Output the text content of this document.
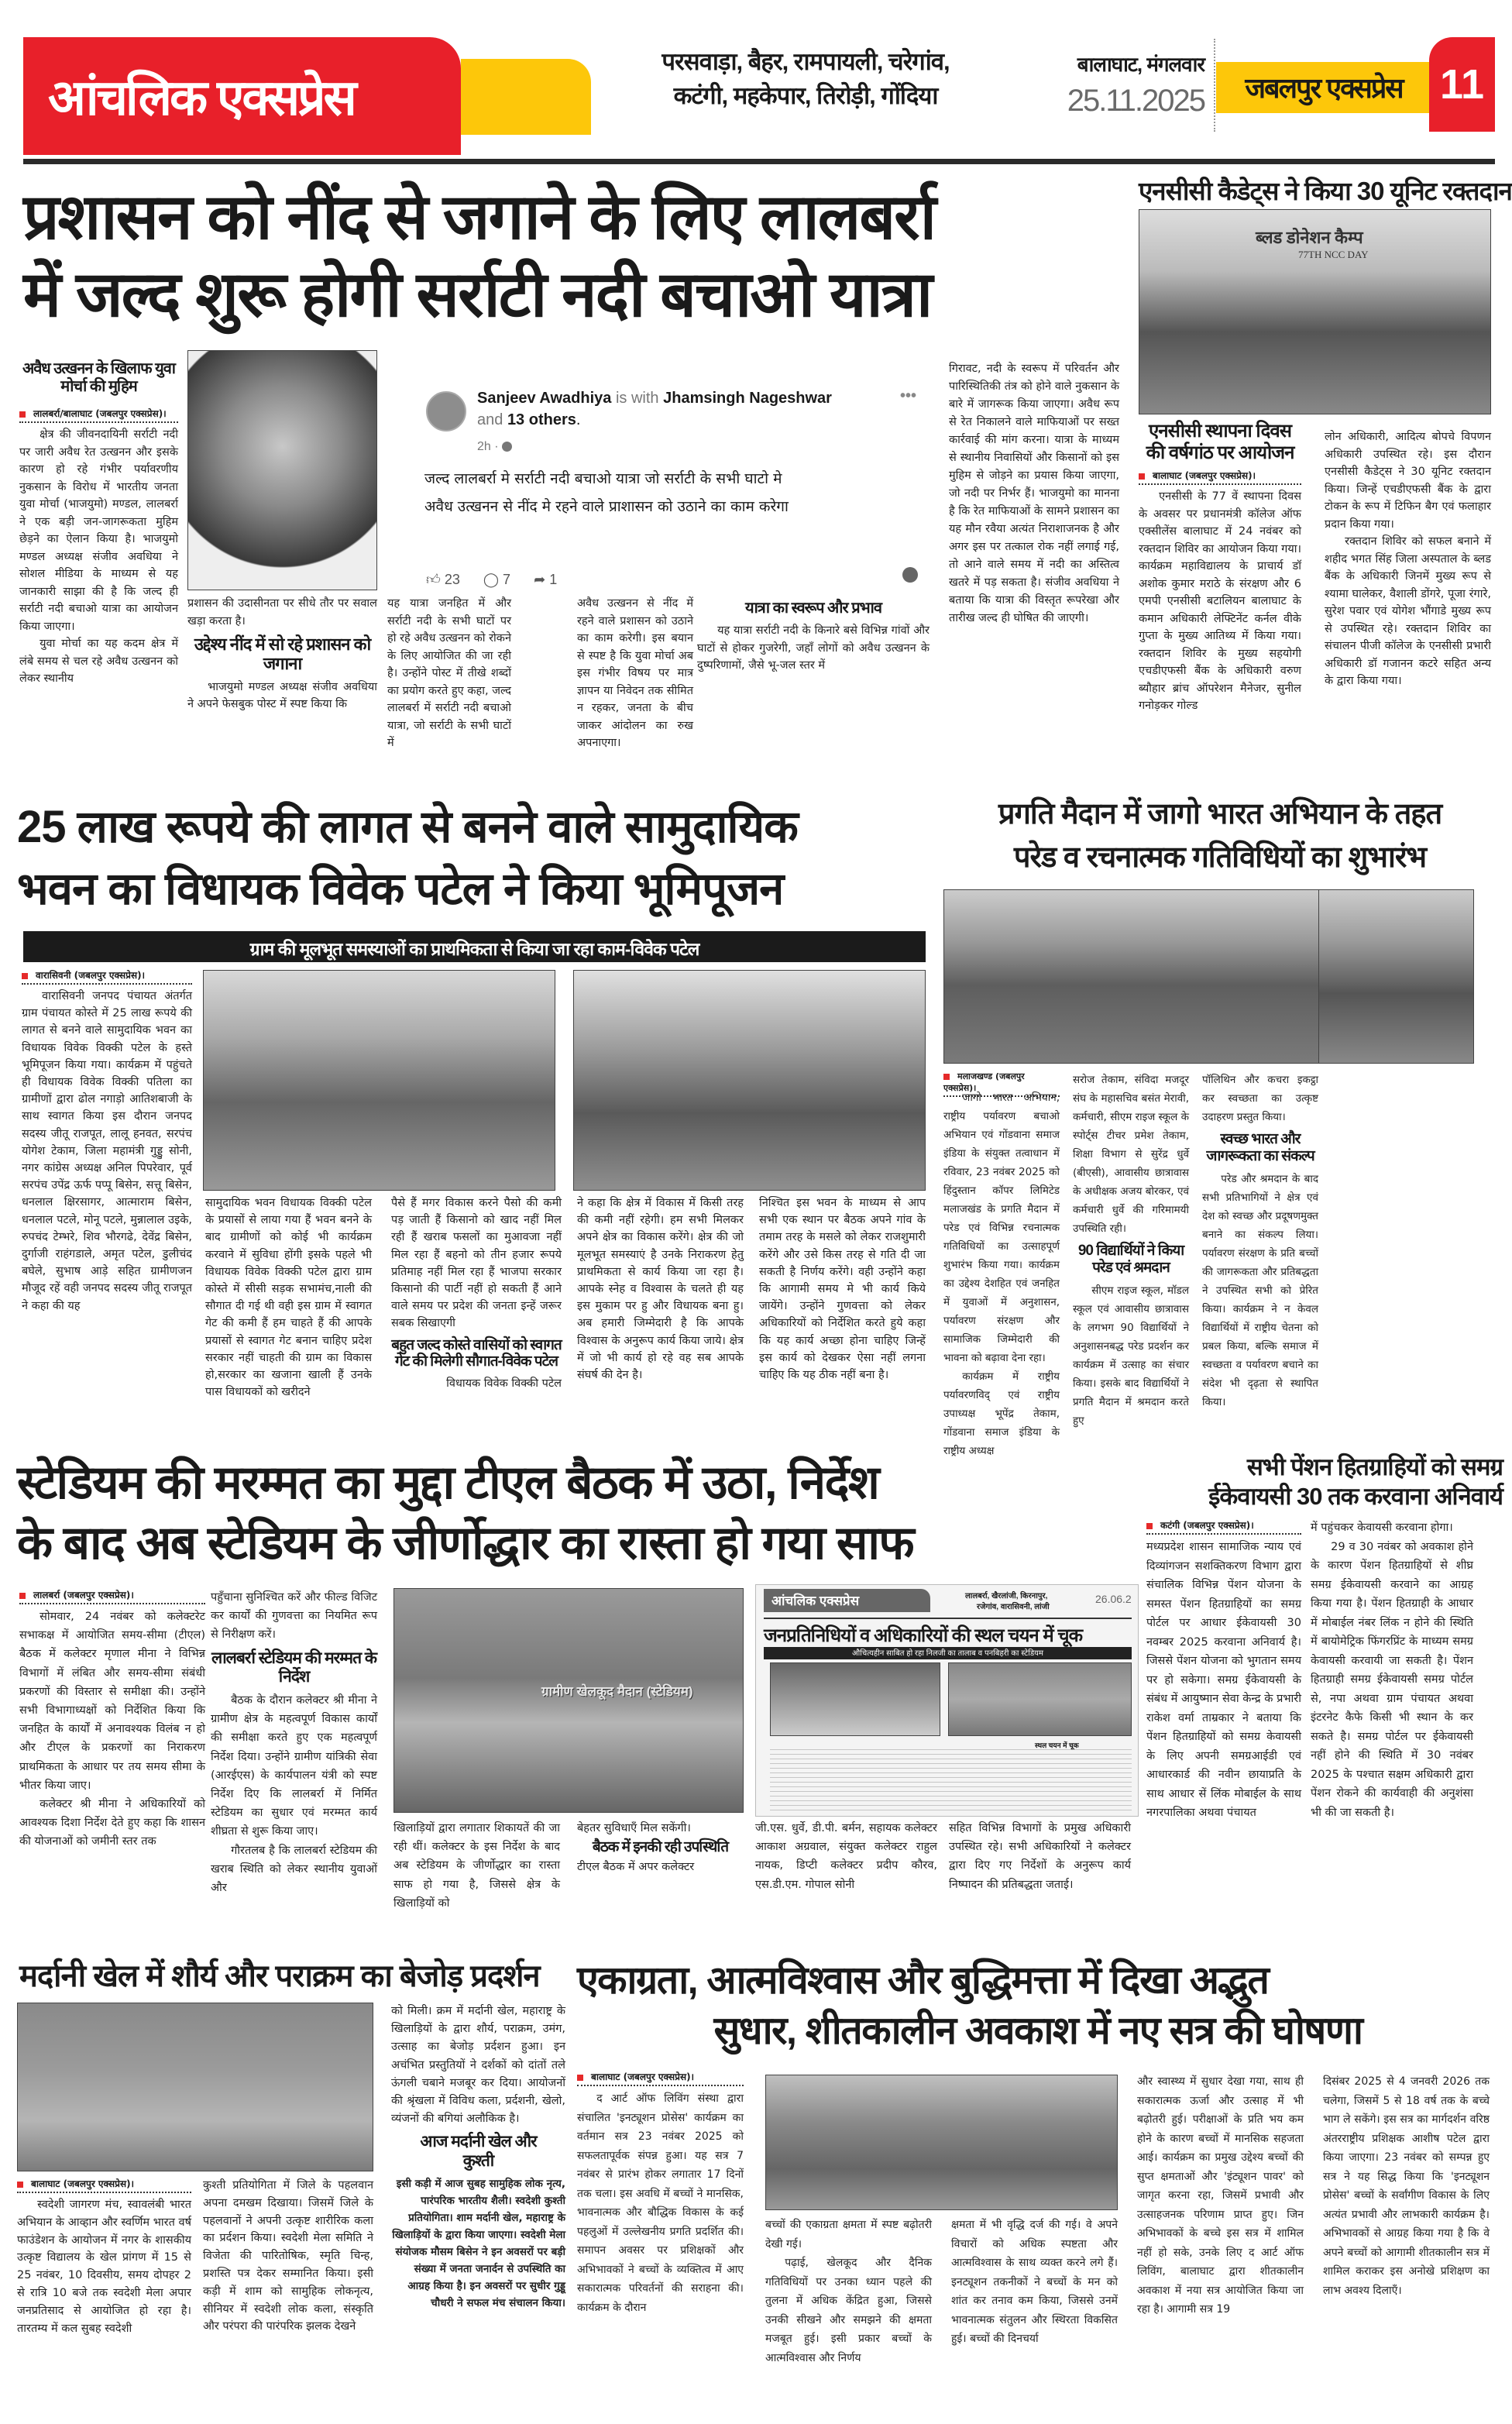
आंचलिक एक्सप्रेस
परसवाड़ा, बैहर, रामपायली, चरेगांव,
कटंगी, महकेपार, तिरोड़ी, गोंदिया
बालाघाट, मंगलवार
25.11.2025	जबलपुर एक्सप्रेस 11
प्रशासन को नींद से जगाने के लिए लालबर्रा
में जल्द शुरू होगी सर्राटी नदी बचाओ यात्रा
अवैध उत्खनन के खिलाफ युवा मोर्चा की मुहिम
लालबर्रा/बालाघाट (जबलपुर एक्सप्रेस)।

क्षेत्र की जीवनदायिनी सर्राटी नदी पर जारी अवैध रेत उत्खनन और इसके कारण हो रहे गंभीर पर्यावरणीय नुकसान के विरोध में भारतीय जनता युवा मोर्चा (भाजयुमो) मण्डल, लालबर्रा ने एक बड़ी जन-जागरूकता मुहिम छेड़ने का ऐलान किया है। भाजयुमो मण्डल अध्यक्ष संजीव अवधिया ने सोशल मीडिया के माध्यम से यह जानकारी साझा की है कि जल्द ही सर्राटी नदी बचाओ यात्रा का आयोजन किया जाएगा।

युवा मोर्चा का यह कदम क्षेत्र में लंबे समय से चल रहे अवैध उत्खनन को लेकर स्थानीय

प्रशासन की उदासीनता पर सीधे तौर पर सवाल खड़ा करता है।

उद्देश्य नींद में सो रहे प्रशासन को जगाना

भाजयुमो मण्डल अध्यक्ष संजीव अवधिया ने अपने फेसबुक पोस्ट में स्पष्ट किया कि

Sanjeev Awadhiya is with Jhamsingh Nageshwar and 13 others.
2h ·
•••
जल्द लालबर्रा मे सर्राटी नदी बचाओ यात्रा जो सर्राटी के सभी घाटो मे अवैध उत्खनन से नींद मे रहने वाले प्राशासन को उठाने का काम करेगा
👍︎ 23 ◯ 7 ➦ 1

यह यात्रा जनहित में और सर्राटी नदी के सभी घाटों पर हो रहे अवैध उत्खनन को रोकने के लिए आयोजित की जा रही है। उन्होंने पोस्ट में तीखे शब्दों का प्रयोग करते हुए कहा, जल्द लालबर्रा में सर्राटी नदी बचाओ यात्रा, जो सर्राटी के सभी घाटों में

अवैध उत्खनन से नींद में रहने वाले प्रशासन को उठाने का काम करेगी। इस बयान से स्पष्ट है कि युवा मोर्चा अब इस गंभीर विषय पर मात्र ज्ञापन या निवेदन तक सीमित न रहकर, जनता के बीच जाकर आंदोलन का रुख अपनाएगा।

यात्रा का स्वरूप और प्रभाव

यह यात्रा सर्राटी नदी के किनारे बसे विभिन्न गांवों और घाटों से होकर गुजरेगी, जहाँ लोगों को अवैध उत्खनन के दुष्परिणामों, जैसे भू-जल स्तर में

गिरावट, नदी के स्वरूप में परिवर्तन और पारिस्थितिकी तंत्र को होने वाले नुकसान के बारे में जागरूक किया जाएगा। अवैध रूप से रेत निकालने वाले माफियाओं पर सख्त कार्रवाई की मांग करना। यात्रा के माध्यम से स्थानीय निवासियों और किसानों को इस मुहिम से जोड़ने का प्रयास किया जाएगा, जो नदी पर निर्भर हैं। भाजयुमो का मानना है कि रेत माफियाओं के सामने प्रशासन का यह मौन रवैया अत्यंत निराशाजनक है और अगर इस पर तत्काल रोक नहीं लगाई गई, तो आने वाले समय में नदी का अस्तित्व खतरे में पड़ सकता है। संजीव अवधिया ने बताया कि यात्रा की विस्तृत रूपरेखा और तारीख जल्द ही घोषित की जाएगी।

एनसीसी कैडेट्स ने किया 30 यूनिट रक्तदान
ब्लड डोनेशन कैम्प
77TH NCC DAY
एनसीसी स्थापना दिवस की वर्षगांठ पर आयोजन
बालाघाट (जबलपुर एक्सप्रेस)।

एनसीसी के 77 वें स्थापना दिवस के अवसर पर प्रधानमंत्री कॉलेज ऑफ एक्सीलेंस बालाघाट में 24 नवंबर को रक्तदान शिविर का आयोजन किया गया। कार्यक्रम महाविद्यालय के प्राचार्य डॉ अशोक कुमार मराठे के संरक्षण और 6 एमपी एनसीसी बटालियन बालाघाट के कमान अधिकारी लेफ्टिनेंट कर्नल वीके गुप्ता के मुख्य आतिथ्य में किया गया। रक्तदान शिविर के मुख्य सहयोगी एचडीएफसी बैंक के अधिकारी वरुण ब्यौहार ब्रांच ऑपरेशन मैनेजर, सुनील गनोड़कर गोल्ड

लोन अधिकारी, आदित्य बोपचे विपणन अधिकारी उपस्थित रहे। इस दौरान एनसीसी कैडेट्स ने 30 यूनिट रक्तदान किया। जिन्हें एचडीएफसी बैंक के द्वारा टोकन के रूप में टिफिन बैग एवं फलाहार प्रदान किया गया।

रक्तदान शिविर को सफल बनाने में शहीद भगत सिंह जिला अस्पताल के ब्लड बैंक के अधिकारी जिनमें मुख्य रूप से श्यामा घालेकर, वैशाली डोंगरे, पूजा रंगारे, सुरेश पवार एवं योगेश भौंगाडे मुख्य रूप से उपस्थित रहे। रक्तदान शिविर का संचालन पीजी कॉलेज के एनसीसी प्रभारी अधिकारी डॉ गजानन कटरे सहित अन्य के द्वारा किया गया।

25 लाख रूपये की लागत से बनने वाले सामुदायिक
भवन का विधायक विवेक पटेल ने किया भूमिपूजन
ग्राम की मूलभूत समस्याओं का प्राथमिकता से किया जा रहा काम-विवेक पटेल
वारासिवनी (जबलपुर एक्सप्रेस)।

वारासिवनी जनपद पंचायत अंतर्गत ग्राम पंचायत कोस्ते में 25 लाख रूपये की लागत से बनने वाले सामुदायिक भवन का विधायक विवेक विक्की पटेल के हस्ते भूमिपूजन किया गया। कार्यक्रम में पहुंचते ही विधायक विवेक विक्की पतिला का ग्रामीणों द्वारा ढोल नगाड़ो आतिशबाजी के साथ स्वागत किया इस दौरान जनपद सदस्य जीतू राजपूत, लालू हनवत, सरपंच योगेश टेकाम, जिला महामंत्री गुड्डु सोनी, नगर कांग्रेस अध्यक्ष अनिल पिपरेवार, पूर्व सरपंच उपेंद्र ऊर्फ पप्पू बिसेन, सत्तू बिसेन, धनलाल क्षिरसागर, आत्माराम बिसेन, धनलाल पटले, मोनू पटले, मुन्नालाल उइके, रुपचंद टेम्भरे, शिव भौरगढे, देवेंद्र बिसेन, दुर्गाजी राहंगडाले, अमृत पटेल, डुलीचंद बघेले, सुभाष आड़े सहित ग्रामीणजन मौजूद रहें वही जनपद सदस्य जीतू राजपूत ने कहा की यह

सामुदायिक भवन विधायक विक्की पटेल के प्रयासों से लाया गया हैं भवन बनने के बाद ग्रामीणों को कोई भी कार्यक्रम करवाने में सुविधा होंगी इसके पहले भी विधायक विवेक विक्की पटेल द्वारा ग्राम कोस्ते में सीसी सड़क सभामंच,नाली की सौगात दी गई थी वही इस ग्राम में स्वागत गेट की कमी हैं हम चाहते हैं की आपके प्रयासों से स्वागत गेट बनान चाहिए प्रदेश सरकार नहीं चाहती की ग्राम का विकास हो,सरकार का खजाना खाली हैं उनके पास विधायकों को खरीदने

पैसे हैं मगर विकास करने पैसो की कमी पड़ जाती हैं किसानो को खाद नहीं मिल रही हैं खराब फसलों का मुआवजा नहीं मिल रहा हैं बहनो को तीन हजार रूपये प्रतिमाह नहीं मिल रहा हैं भाजपा सरकार किसानो की पार्टी नहीं हो सकती हैं आने वाले समय पर प्रदेश की जनता इन्हें जरूर सबक सिखाएगी

बहुत जल्द कोस्ते वासियों को स्वागत गेट की मिलेगी सौगात-विवेक पटेल
विधायक विवेक विक्की पटेल

ने कहा कि क्षेत्र में विकास में किसी तरह की कमी नहीं रहेगी। हम सभी मिलकर अपने क्षेत्र का विकास करेंगे। क्षेत्र की जो मूलभूत समस्याएं है उनके निराकरण हेतु प्राथमिकता से कार्य किया जा रहा है। आपके स्नेह व विश्वास के चलते ही यह इस मुकाम पर हु और विधायक बना हु। अब हमारी जिम्मेदारी है कि आपके विश्वास के अनुरूप कार्य किया जाये। क्षेत्र में जो भी कार्य हो रहे वह सब आपके संघर्ष की देन है।

निश्चित इस भवन के माध्यम से आप सभी एक स्थान पर बैठक अपने गांव के तमाम तरह के मसले को लेकर राजशुमारी करेंगे और उसे किस तरह से गति दी जा सकती है निर्णय करेंगे। वही उन्होंने कहा कि आगामी समय मे भी कार्य किये जायेंगे। उन्होंने गुणवत्ता को लेकर अधिकारियों को निर्देशित करते हुये कहा कि यह कार्य अच्छा होना चाहिए जिन्हें इस कार्य को देखकर ऐसा नहीं लगना चाहिए कि यह ठीक नहीं बना है।

प्रगति मैदान में जागो भारत अभियान के तहत
परेड व रचनात्मक गतिविधियों का शुभारंभ
मलाजखण्ड (जबलपुर एक्सप्रेस)।

जागो भारत अभियान, राष्ट्रीय पर्यावरण बचाओ अभियान एवं गोंडवाना समाज इंडिया के संयुक्त तत्वाधान में रविवार, 23 नवंबर 2025 को हिंदुस्तान कॉपर लिमिटेड मलाजखंड के प्रगति मैदान में परेड एवं विभिन्न रचनात्मक गतिविधियों का उत्साहपूर्ण शुभारंभ किया गया। कार्यक्रम का उद्देश्य देशहित एवं जनहित में युवाओं में अनुशासन, पर्यावरण संरक्षण और सामाजिक जिम्मेदारी की भावना को बढ़ावा देना रहा।

कार्यक्रम में राष्ट्रीय पर्यावरणविद् एवं राष्ट्रीय उपाध्यक्ष भूपेंद्र तेकाम, गोंडवाना समाज इंडिया के राष्ट्रीय अध्यक्ष

सरोज तेकाम, संविदा मजदूर संघ के महासचिव बसंत मेरावी, कर्मचारी, सीएम राइज स्कूल के स्पोर्ट्स टीचर प्रमेश तेकाम, शिक्षा विभाग से सुरेंद्र धुर्वे (बीएसी), आवासीय छात्रावास के अधीक्षक अजय बोरकर, एवं कर्मचारी धुर्वे की गरिमामयी उपस्थिति रही।

90 विद्यार्थियों ने किया परेड एवं श्रमदान

सीएम राइज स्कूल, मॉडल स्कूल एवं आवासीय छात्रावास के लगभग 90 विद्यार्थियों ने अनुशासनबद्ध परेड प्रदर्शन कर कार्यक्रम में उत्साह का संचार किया। इसके बाद विद्यार्थियों ने प्रगति मैदान में श्रमदान करते हुए

पॉलिथिन और कचरा इकट्ठा कर स्वच्छता का उत्कृष्ट उदाहरण प्रस्तुत किया।

स्वच्छ भारत और जागरूकता का संकल्प

परेड और श्रमदान के बाद सभी प्रतिभागियों ने क्षेत्र एवं देश को स्वच्छ और प्रदूषणमुक्त बनाने का संकल्प लिया। पर्यावरण संरक्षण के प्रति बच्चों की जागरूकता और प्रतिबद्धता ने उपस्थित सभी को प्रेरित किया। कार्यक्रम ने न केवल विद्यार्थियों में राष्ट्रीय चेतना को प्रबल किया, बल्कि समाज में स्वच्छता व पर्यावरण बचाने का संदेश भी दृढ़ता से स्थापित किया।

स्टेडियम की मरम्मत का मुद्दा टीएल बैठक में उठा, निर्देश
के बाद अब स्टेडियम के जीर्णोद्धार का रास्ता हो गया साफ
लालबर्रा (जबलपुर एक्सप्रेस)।

सोमवार, 24 नवंबर को कलेक्टरेट सभाकक्ष में आयोजित समय-सीमा (टीएल) बैठक में कलेक्टर मृणाल मीना ने विभिन्न विभागों में लंबित और समय-सीमा संबंधी प्रकरणों की विस्तार से समीक्षा की। उन्होंने सभी विभागाध्यक्षों को निर्देशित किया कि जनहित के कार्यों में अनावश्यक विलंब न हो और टीएल के प्रकरणों का निराकरण प्राथमिकता के आधार पर तय समय सीमा के भीतर किया जाए।

कलेक्टर श्री मीना ने अधिकारियों को आवश्यक दिशा निर्देश देते हुए कहा कि शासन की योजनाओं को जमीनी स्तर तक

पहुँचाना सुनिश्चित करें और फील्ड विजिट कर कार्यों की गुणवत्ता का नियमित रूप से निरीक्षण करें।

लालबर्रा स्टेडियम की मरम्मत के निर्देश

बैठक के दौरान कलेक्टर श्री मीना ने ग्रामीण क्षेत्र के महत्वपूर्ण विकास कार्यों की समीक्षा करते हुए एक महत्वपूर्ण निर्देश दिया। उन्होंने ग्रामीण यांत्रिकी सेवा (आरईएस) के कार्यपालन यंत्री को स्पष्ट निर्देश दिए कि लालबर्रा में निर्मित स्टेडियम का सुधार एवं मरम्मत कार्य शीघ्रता से शुरू किया जाए।

गौरतलब है कि लालबर्रा स्टेडियम की खराब स्थिति को लेकर स्थानीय युवाओं और

ग्रामीण खेलकूद मैदान (स्टेडियम)

खिलाड़ियों द्वारा लगातार शिकायतें की जा रही थीं। कलेक्टर के इस निर्देश के बाद अब स्टेडियम के जीर्णोद्धार का रास्ता साफ हो गया है, जिससे क्षेत्र के खिलाड़ियों को

बेहतर सुविधाएँ मिल सकेंगी।
बैठक में इनकी रही उपस्थिति
टीएल बैठक में अपर कलेक्टर
आंचलिक एक्सप्रेस	लालबर्रा, खैरलांजी, किरनापुर,
रजेगांव, वारासिवनी, लांजी
26.06.2
जनप्रतिनिधियों व अधिकारियों की स्थल चयन में चूक
औचित्यहीन साबित हो रहा निलजी का तालाब व पनबिहरी का स्टेडियम
स्थल चयन में चूक

जी.एस. धुर्वे, डी.पी. बर्मन, सहायक कलेक्टर आकाश अग्रवाल, संयुक्त कलेक्टर राहुल नायक, डिप्टी कलेक्टर प्रदीप कौरव, एस.डी.एम. गोपाल सोनी

सहित विभिन्न विभागों के प्रमुख अधिकारी उपस्थित रहे। सभी अधिकारियों ने कलेक्टर द्वारा दिए गए निर्देशों के अनुरूप कार्य निष्पादन की प्रतिबद्धता जताई।

सभी पेंशन हितग्राहियों को समग्र
ईकेवायसी 30 तक करवाना अनिवार्य
कटंगी (जबलपुर एक्सप्रेस)।

मध्यप्रदेश शासन सामाजिक न्याय एवं दिव्यांगजन सशक्तिकरण विभाग द्वारा संचालिक विभिन्न पेंशन योजना के समस्त पेंशन हितग्राहियों का समग्र पोर्टल पर आधार ईकेवायसी 30 नवम्बर 2025 करवाना अनिवार्य है। जिससे पेंशन योजना को भुगतान समय पर हो सकेगा। समग्र ईकेवायसी के संबंध में आयुष्मान सेवा केन्द्र के प्रभारी राकेश वर्मा ताम्रकार ने बताया कि पेंशन हितग्राहियों को समग्र केवायसी के लिए अपनी समग्रआईडी एवं आधारकार्ड की नवीन छायाप्रति के साथ आधार सें लिंक मोबाईल के साथ नगरपालिका अथवा पंचायत

में पहुंचकर केवायसी करवाना होगा।

29 व 30 नवंबर को अवकाश होने के कारण पेंशन हितग्राहियों से शीघ्र समग्र ईकेवायसी करवाने का आग्रह किया गया है। पेंशन हितग्राही के आधार में मोबाईल नंबर लिंक न होने की स्थिति में बायोमेट्रिक फिंगरप्रिंट के माध्यम समग्र केवायसी करवायी जा सकती है। पेंशन हितग्राही समग्र ईकेवायसी समग्र पोर्टल से, नपा अथवा ग्राम पंचायत अथवा इंटरनेट कैफे किसी भी स्थान के कर सकते है। समग्र पोर्टल पर ईकेवायसी नहीं होने की स्थिति में 30 नवंबर 2025 के पश्चात सक्षम अधिकारी द्वारा पेंशन रोकने की कार्यवाही की अनुशंसा भी की जा सकती है।

मर्दानी खेल में शौर्य और पराक्रम का बेजोड़ प्रदर्शन
बालाघाट (जबलपुर एक्सप्रेस)।

स्वदेशी जागरण मंच, स्वावलंबी भारत अभियान के आव्हान और स्वर्णिम भारत वर्ष फाउंडेशन के आयोजन में नगर के शासकीय उत्कृष्ट विद्यालय के खेल प्रांगण में 15 से 25 नवंबर, 10 दिवसीय, समय दोपहर 2 से रात्रि 10 बजे तक स्वदेशी मेला अपार जनप्रतिसाद से आयोजित हो रहा है। तारतम्य में कल सुबह स्वदेशी

कुश्ती प्रतियोगिता में जिले के पहलवान अपना दमखम दिखाया। जिसमें जिले के पहलवानों ने अपनी उत्कृष्ट शारीरिक कला का प्रर्दशन किया। स्वदेशी मेला समिति ने विजेता की पारितोषिक, स्मृति चिन्ह, प्रशस्ति पत्र देकर सम्मानित किया। इसी कड़ी में शाम को सामुहिक लोकनृत्य, सीनियर में स्वदेशी लोक कला, संस्कृति और परंपरा की पारंपरिक झलक देखने

को मिली। क्रम में मर्दानी खेल, महाराष्ट्र के खिलाड़ियों के द्वारा शौर्य, पराक्रम, उमंग, उत्साह का बेजोड़ प्रर्दशन हुआ। इन अचंभित प्रस्तुतियों ने दर्शकों को दांतों तले ऊंगली चबाने मजबूर कर दिया। आयोजनों की श्रृंखला में विविध कला, प्रर्दशनी, खेलो, व्यंजनों की बगियां अलौकिक है।

आज मर्दानी खेल और कुश्ती
इसी कड़ी में आज सुबह सामुहिक लोक नृत्य, पारंपरिक भारतीय शैली। स्वदेशी कुश्ती प्रतियोगिता। शाम मर्दानी खेल, महाराष्ट्र के खिलाड़ियों के द्वारा किया जाएगा। स्वदेशी मेला संयोजक मौसम बिसेन ने इन अवसरों पर बड़ी संख्या में जनता जनार्दन से उपस्थिति का आग्रह किया है। इन अवसरों पर सुधीर गुड्डू चौधरी ने सफल मंच संचालन किया।
एकाग्रता, आत्मविश्वास और बुद्धिमत्ता में दिखा अद्भुत
सुधार, शीतकालीन अवकाश में नए सत्र की घोषणा
बालाघाट (जबलपुर एक्सप्रेस)।

द आर्ट ऑफ लिविंग संस्था द्वारा संचालित 'इनट्यूशन प्रोसेस' कार्यक्रम का वर्तमान सत्र 23 नवंबर 2025 को सफलतापूर्वक संपन्न हुआ। यह सत्र 7 नवंबर से प्रारंभ होकर लगातार 17 दिनों तक चला। इस अवधि में बच्चों ने मानसिक, भावनात्मक और बौद्धिक विकास के कई पहलुओं में उल्लेखनीय प्रगति प्रदर्शित की। समापन अवसर पर प्रशिक्षकों और अभिभावकों ने बच्चों के व्यक्तित्व में आए सकारात्मक परिवर्तनों की सराहना की। कार्यक्रम के दौरान

बच्चों की एकाग्रता क्षमता में स्पष्ट बढ़ोतरी देखी गई।

पढ़ाई, खेलकूद और दैनिक गतिविधियों पर उनका ध्यान पहले की तुलना में अधिक केंद्रित हुआ, जिससे उनकी सीखने और समझने की क्षमता मजबूत हुई। इसी प्रकार बच्चों के आत्मविश्वास और निर्णय

क्षमता में भी वृद्धि दर्ज की गई। वे अपने विचारों को अधिक स्पष्टता और आत्मविश्वास के साथ व्यक्त करने लगे हैं। इनट्यूशन तकनीकों ने बच्चों के मन को शांत कर तनाव कम किया, जिससे उनमें भावनात्मक संतुलन और स्थिरता विकसित हुई। बच्चों की दिनचर्या

और स्वास्थ्य में सुधार देखा गया, साथ ही सकारात्मक ऊर्जा और उत्साह में भी बढ़ोतरी हुई। परीक्षाओं के प्रति भय कम होने के कारण बच्चों में मानसिक सहजता आई। कार्यक्रम का प्रमुख उद्देश्य बच्चों की सुप्त क्षमताओं और 'इंट्यूशन पावर' को जागृत करना रहा, जिसमें प्रभावी और उत्साहजनक परिणाम प्राप्त हुए। जिन अभिभावकों के बच्चे इस सत्र में शामिल नहीं हो सके, उनके लिए द आर्ट ऑफ लिविंग, बालाघाट द्वारा शीतकालीन अवकाश में नया सत्र आयोजित किया जा रहा है। आगामी सत्र 19

दिसंबर 2025 से 4 जनवरी 2026 तक चलेगा, जिसमें 5 से 18 वर्ष तक के बच्चे भाग ले सकेंगे। इस सत्र का मार्गदर्शन वरिष्ठ अंतरराष्ट्रीय प्रशिक्षक आशीष पटेल द्वारा किया जाएगा। 23 नवंबर को सम्पन्न हुए सत्र ने यह सिद्ध किया कि 'इनट्यूशन प्रोसेस' बच्चों के सर्वांगीण विकास के लिए अत्यंत प्रभावी और लाभकारी कार्यक्रम है। अभिभावकों से आग्रह किया गया है कि वे अपने बच्चों को आगामी शीतकालीन सत्र में शामिल कराकर इस अनोखे प्रशिक्षण का लाभ अवश्य दिलाएँ।
